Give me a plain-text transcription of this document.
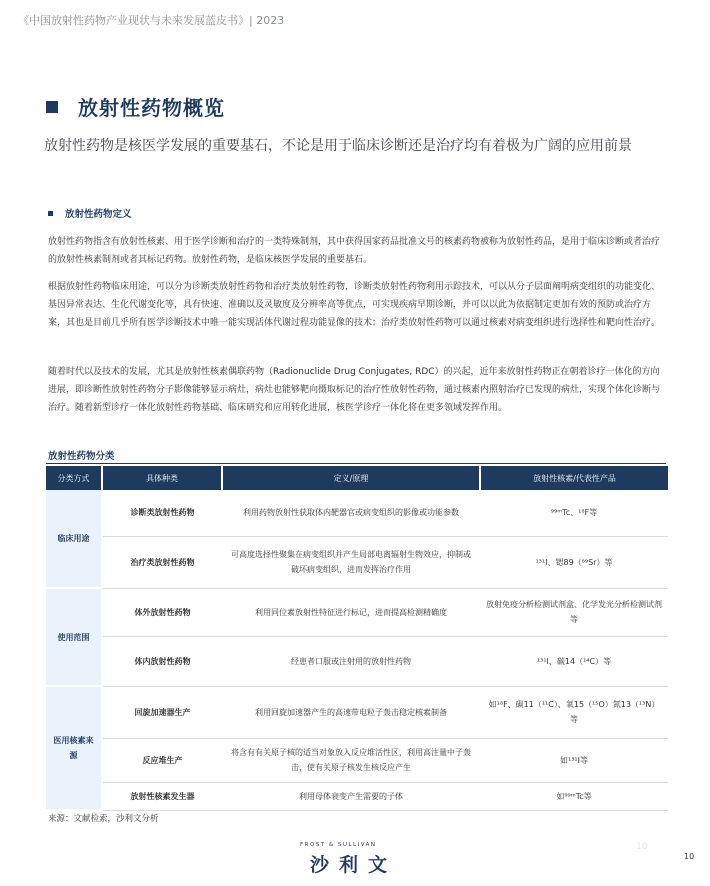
《中国放射性药物产业现状与未来发展蓝皮书》| 2023
放射性药物概览
放射性药物是核医学发展的重要基石，不论是用于临床诊断还是治疗均有着极为广阔的应用前景
放射性药物定义
放射性药物指含有放射性核素、用于医学诊断和治疗的一类特殊制剂，其中获得国家药品批准文号的核素药物被称为放射性药品，是用于临床诊断或者治疗的放射性核素制剂或者其标记药物。放射性药物，是临床核医学发展的重要基石。
根据放射性药物临床用途，可以分为诊断类放射性药物和治疗类放射性药物，诊断类放射性药物利用示踪技术，可以从分子层面阐明病变组织的功能变化、基因异常表达、生化代谢变化等，具有快速、准确以及灵敏度及分辨率高等优点，可实现疾病早期诊断，并可以以此为依据制定更加有效的预防或治疗方案，其也是目前几乎所有医学诊断技术中唯一能实现活体代谢过程功能显像的技术；治疗类放射性药物可以通过核素对病变组织进行选择性和靶向性治疗。
随着时代以及技术的发展，尤其是放射性核素偶联药物（Radionuclide Drug Conjugates, RDC）的兴起，近年来放射性药物正在朝着诊疗一体化的方向进展，即诊断性放射性药物分子影像能够显示病灶，病灶也能够靶向摄取标记的治疗性放射性药物，通过核素内照射治疗已发现的病灶，实现个体化诊断与治疗。随着新型诊疗一体化放射性药物基础、临床研究和应用转化进展，核医学诊疗一体化将在更多领域发挥作用。
放射性药物分类
分类方式	具体种类	定义/原理	放射性核素/代表性产品
临床用途	诊断类放射性药物	利用药物放射性获取体内靶器官或病变组织的影像或功能参数	⁹⁹ᵐTc、¹⁸F等
	治疗类放射性药物	可高度选择性聚集在病变组织并产生局部电离辐射生物效应，抑制或破坏病变组织，进而发挥治疗作用	¹³¹I、锶89（⁸⁹Sr）等
使用范围	体外放射性药物	利用同位素放射性特征进行标记，进而提高检测精确度	放射免疫分析检测试剂盒、化学发光分析检测试剂等
	体内放射性药物	经患者口服或注射用的放射性药物	¹³¹I、碳14（¹⁴C）等
医用核素来源	回旋加速器生产	利用回旋加速器产生的高速带电粒子轰击稳定核素制备	如¹⁸F、碳11（¹¹C）、氧15（¹⁵O）氮13（¹³N）等
	反应堆生产	将含有有关原子核的适当对象放入反应堆活性区，利用高注量中子轰击，使有关原子核发生核反应产生	如¹³¹I等
	放射性核素发生器	利用母体衰变产生需要的子体	如⁹⁹ᵐTc等
来源：文献检索，沙利文分析
FROST & SULLIVAN
沙利文
10
10
